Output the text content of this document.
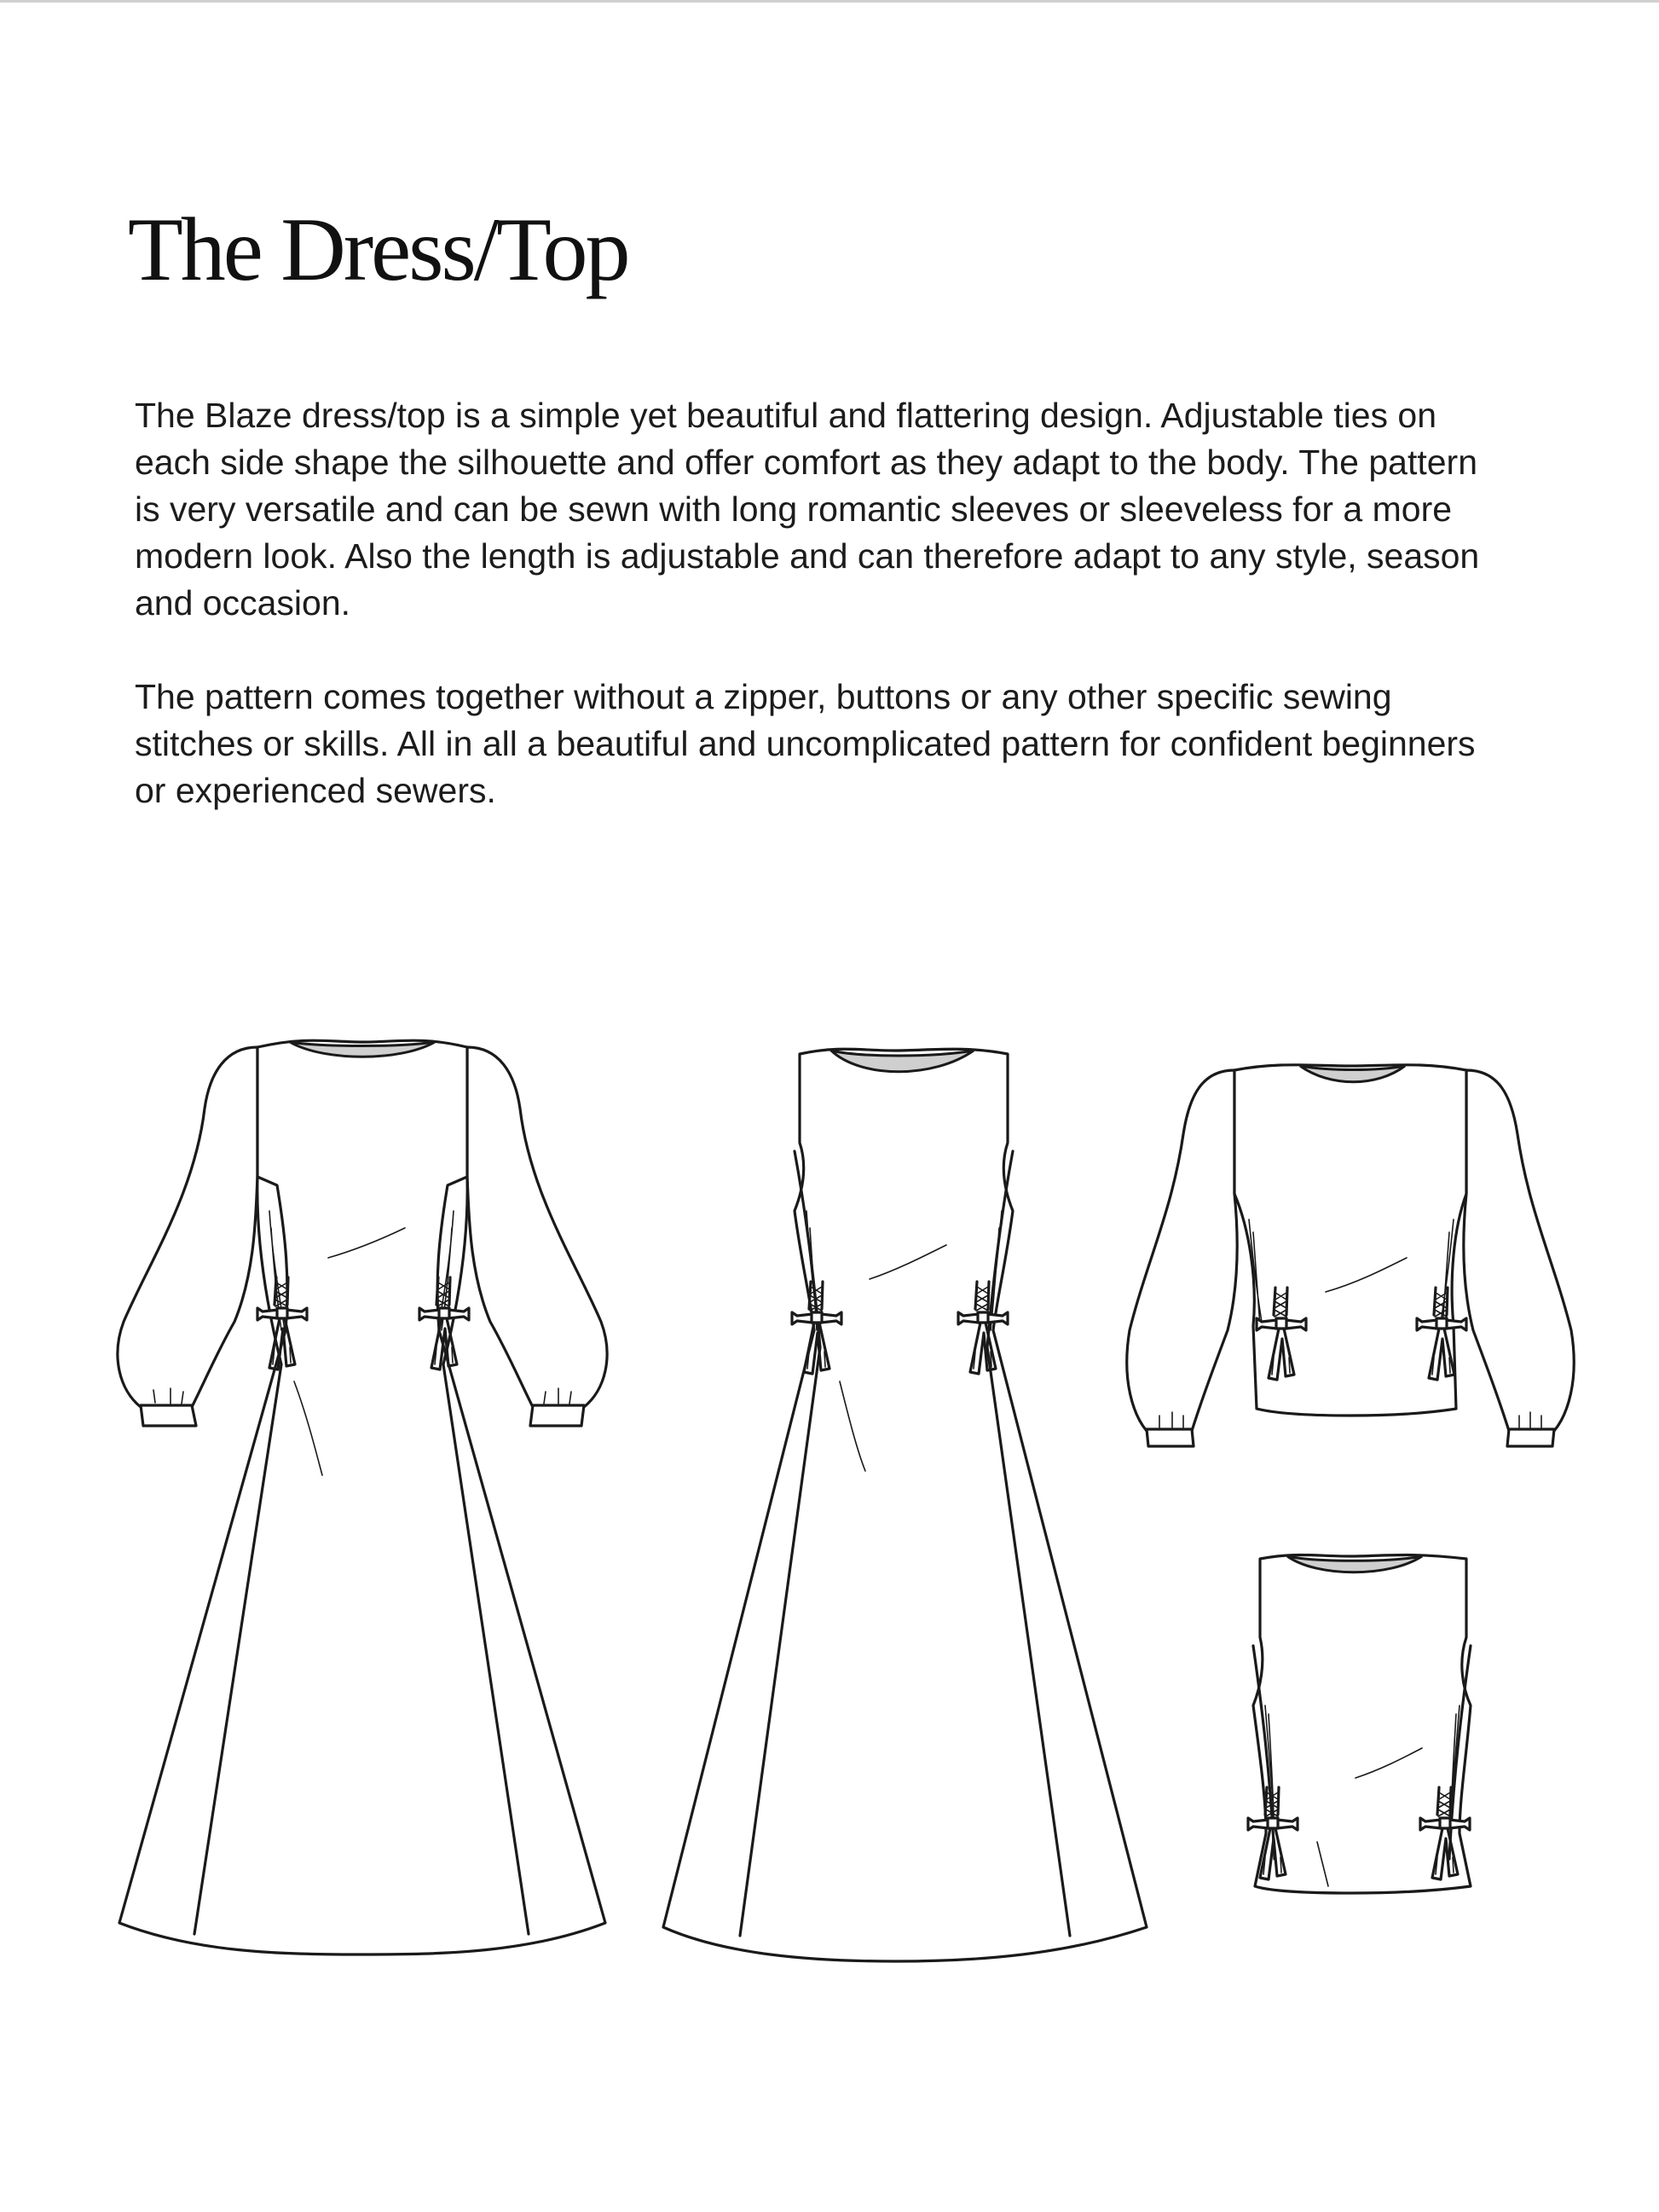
The Dress/Top

The Blaze dress/top is a simple yet beautiful and flattering design. Adjustable ties on
each side shape the silhouette and offer comfort as they adapt to the body. The pattern
is very versatile and can be sewn with long romantic sleeves or sleeveless for a more
modern look. Also the length is adjustable and can therefore adapt to any style, season
and occasion.

The pattern comes together without a zipper, buttons or any other specific sewing
stitches or skills. All in all a beautiful and uncomplicated pattern for confident beginners
or experienced sewers.
